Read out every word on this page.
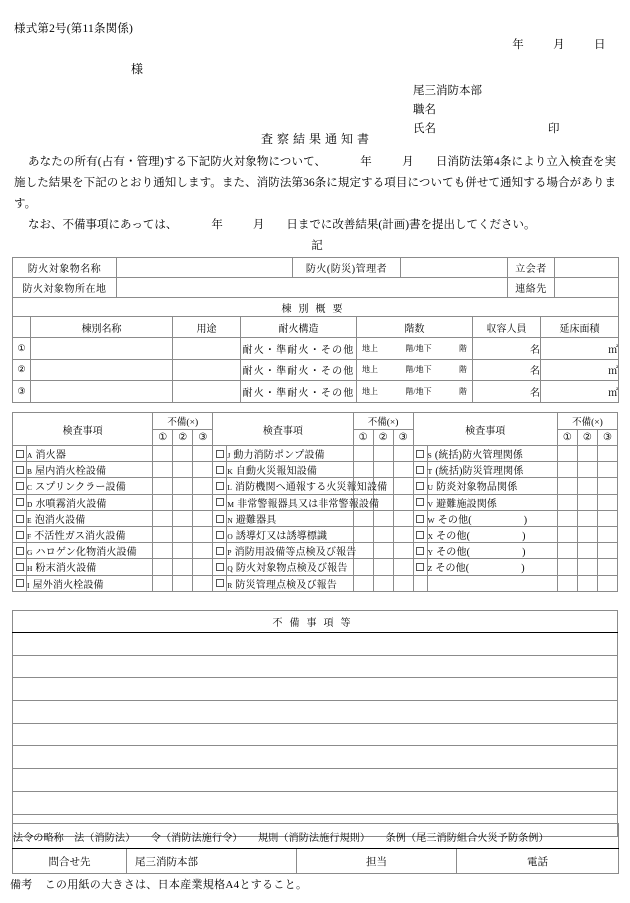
様式第2号(第11条関係)
年	月	日
様
尾三消防本部
職名
氏名	印
査察結果通知書

あなたの所有(占有・管理)する下記防火対象物について、	年	月 日消防法第4条により立入検査を実施した結果を下記のとおり通知します。また、消防法第36条に規定する項目についても併せて通知する場合があります。

なお、不備事項にあっては、	年	月 日までに改善結果(計画)書を提出してください。

記
防火対象物名称		防火(防災)管理者		立会者	
防火対象物所在地				連絡先	
棟別概要						
	棟別名称	用途	耐火構造	階数	収容人員	延床面積
①			耐火・準耐火・その他	地上 階/地下 階	名	㎡
②			耐火・準耐火・その他	地上 階/地下 階	名	㎡
③			耐火・準耐火・その他	地上 階/地下 階	名	㎡
検査事項		不備(×)			検査事項		不備(×)			検査事項		不備(×)		
		①	②	③			①	②	③			①	②	③
	A 消火器					J 動力消防ポンプ設備					S (統括)防火管理関係			
	B 屋内消火栓設備					K 自動火災報知設備					T (統括)防災管理関係			
	C スプリンクラー設備					L 消防機関へ通報する火災報知設備					U 防炎対象物品関係			
	D 水噴霧消火設備					M 非常警報器具又は非常警報設備					V 避難施設関係			
	E 泡消火設備					N 避難器具					W その他( )			
	F 不活性ガス消火設備					O 誘導灯又は誘導標識					X その他( )			
	G ハロゲン化物消火設備					P 消防用設備等点検及び報告					Y その他( )			
	H 粉末消火設備					Q 防火対象物点検及び報告					Z その他( )			
	I 屋外消火栓設備					R 防災管理点検及び報告								
不備事項等

法令の略称　法（消防法）　　令（消防法施行令）　　規則（消防法施行規則）　　条例（尾三消防組合火災予防条例）
問合せ先	尾三消防本部	担当	電話
備考 この用紙の大きさは、日本産業規格A4とすること。
